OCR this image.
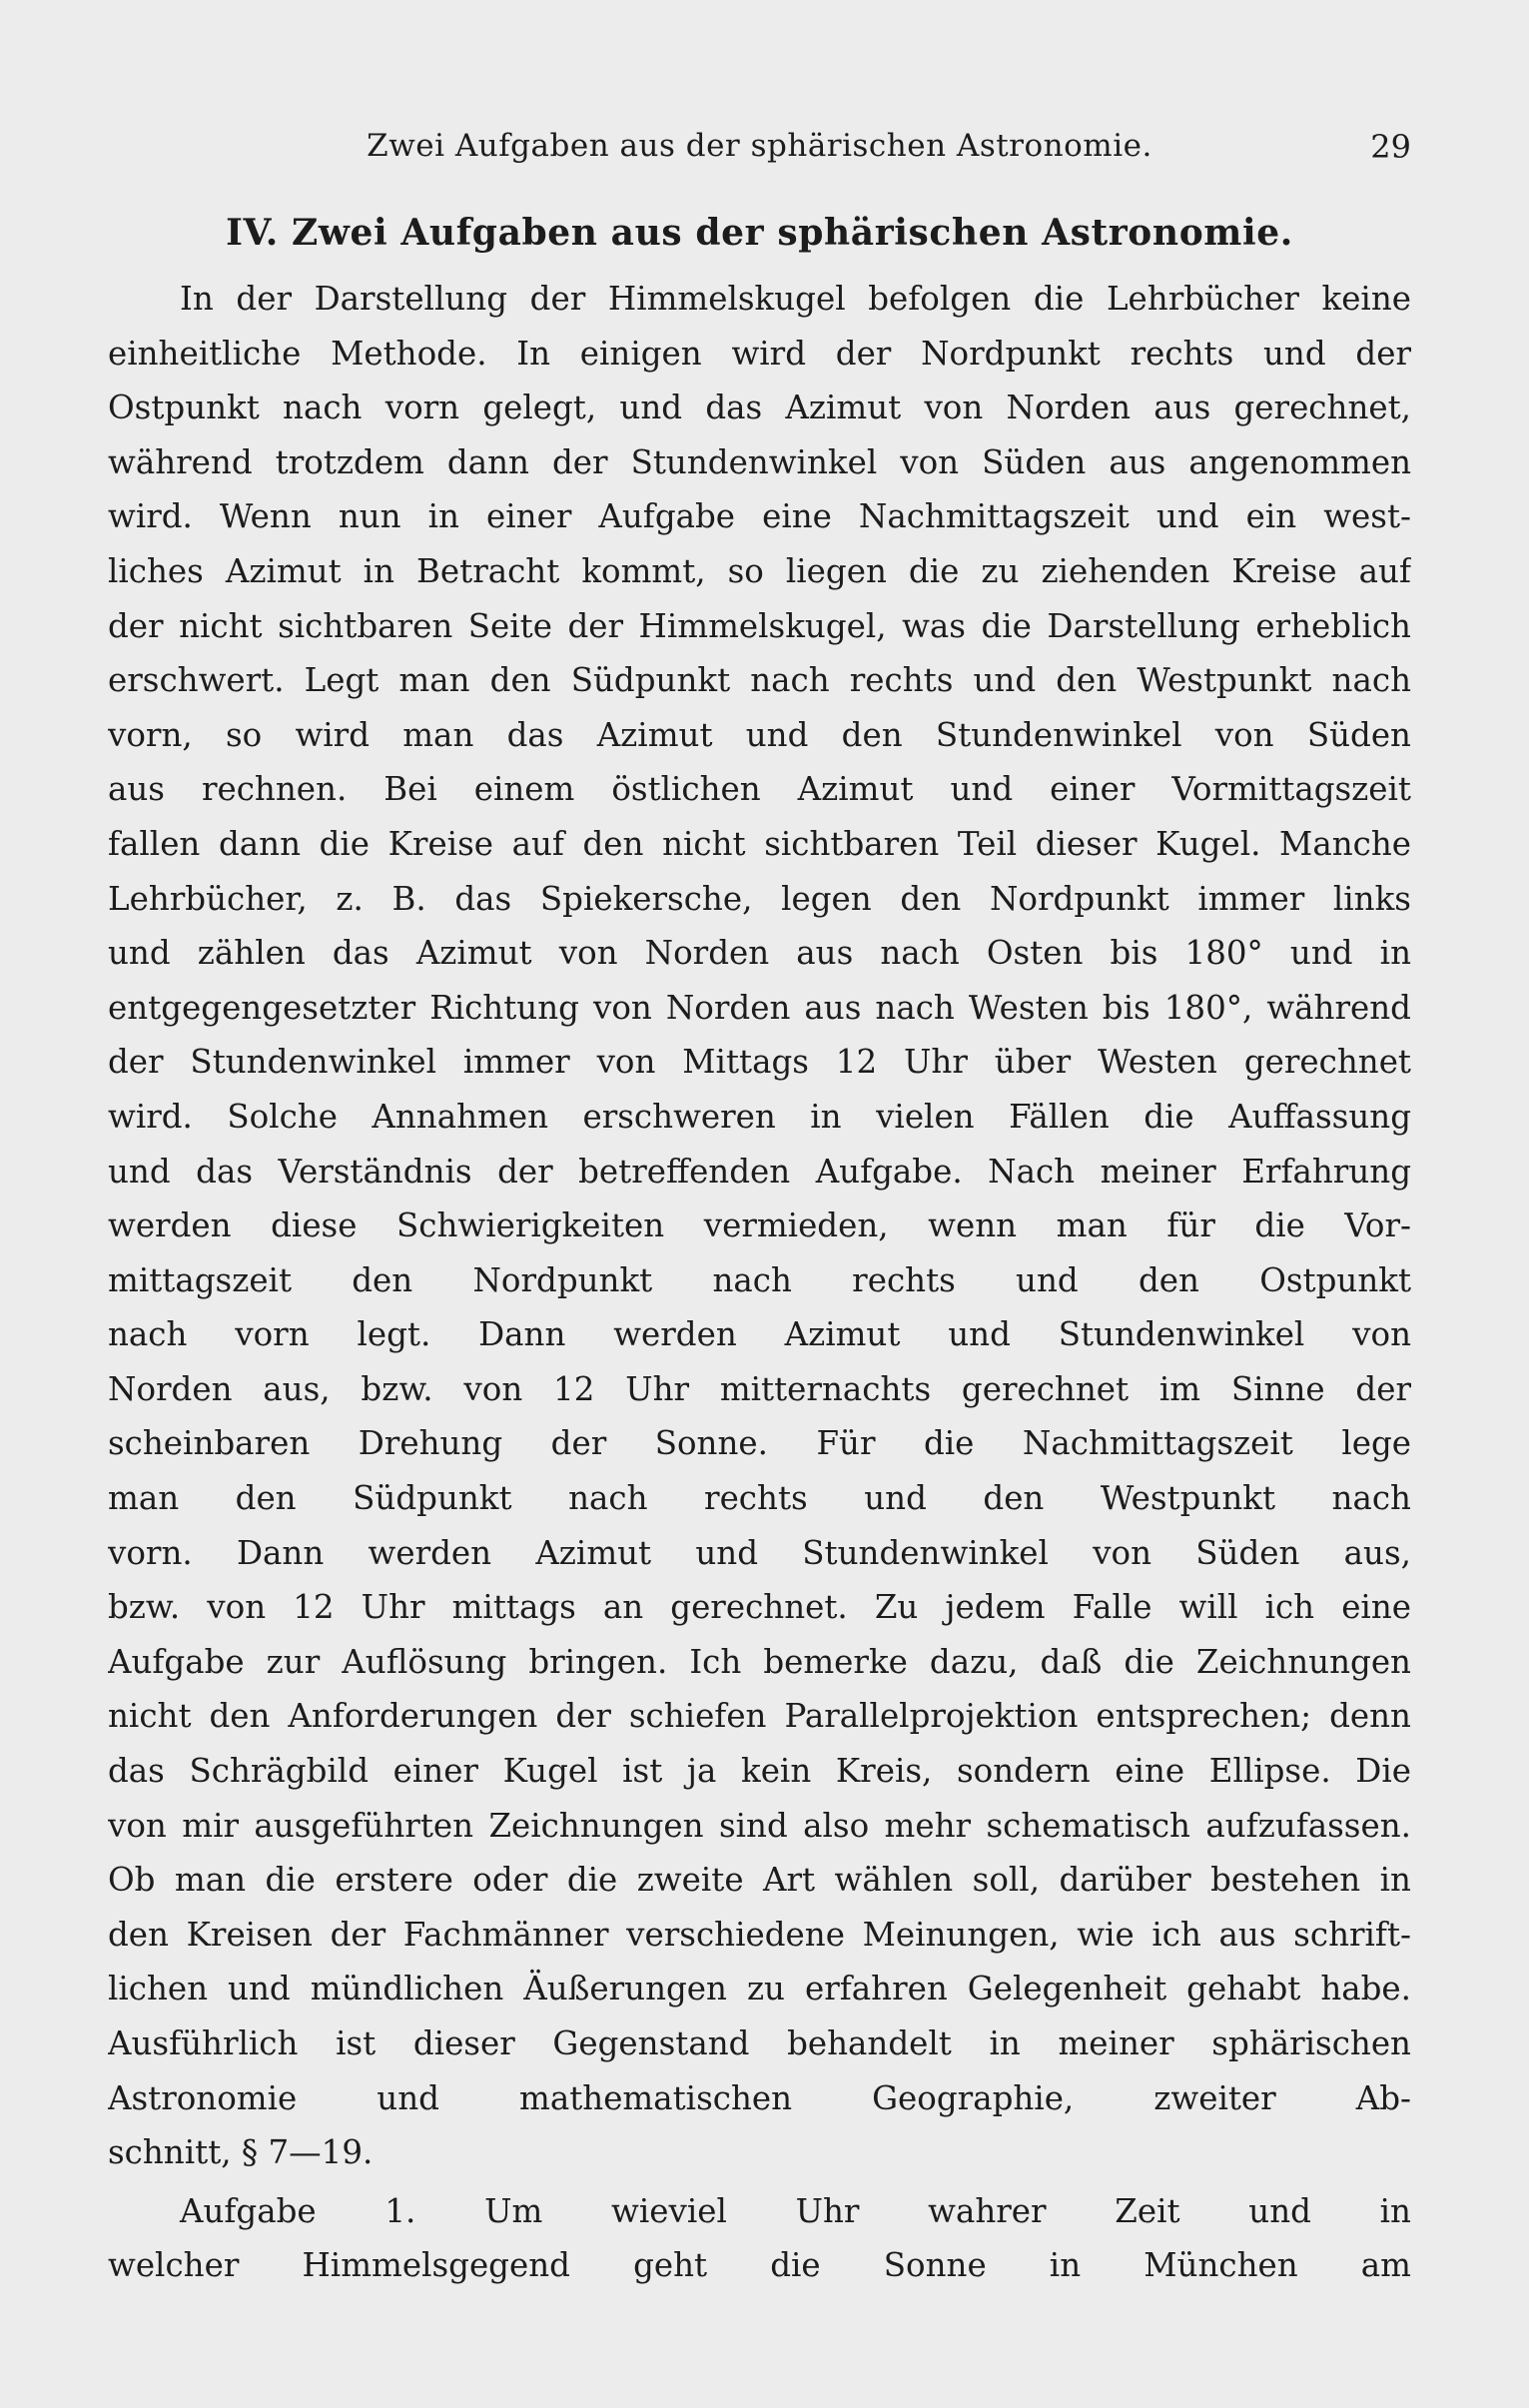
Zwei Aufgaben aus der sphärischen Astronomie.	29
IV. Zwei Aufgaben aus der sphärischen Astronomie.
In der Darstellung der Himmelskugel befolgen die Lehrbücher keine
einheitliche Methode. In einigen wird der Nordpunkt rechts und der
Ostpunkt nach vorn gelegt, und das Azimut von Norden aus gerechnet,
während trotzdem dann der Stundenwinkel von Süden aus angenommen
wird. Wenn nun in einer Aufgabe eine Nachmittagszeit und ein west-
liches Azimut in Betracht kommt, so liegen die zu ziehenden Kreise auf
der nicht sichtbaren Seite der Himmelskugel, was die Darstellung erheblich
erschwert. Legt man den Südpunkt nach rechts und den Westpunkt nach
vorn, so wird man das Azimut und den Stundenwinkel von Süden
aus rechnen. Bei einem östlichen Azimut und einer Vormittagszeit
fallen dann die Kreise auf den nicht sichtbaren Teil dieser Kugel. Manche
Lehrbücher, z. B. das Spiekersche, legen den Nordpunkt immer links
und zählen das Azimut von Norden aus nach Osten bis 180° und in
entgegengesetzter Richtung von Norden aus nach Westen bis 180°, während
der Stundenwinkel immer von Mittags 12 Uhr über Westen gerechnet
wird. Solche Annahmen erschweren in vielen Fällen die Auffassung
und das Verständnis der betreffenden Aufgabe. Nach meiner Erfahrung
werden diese Schwierigkeiten vermieden, wenn man für die Vor-
mittagszeit den Nordpunkt nach rechts und den Ostpunkt
nach vorn legt. Dann werden Azimut und Stundenwinkel von
Norden aus, bzw. von 12 Uhr mitternachts gerechnet im Sinne der
scheinbaren Drehung der Sonne. Für die Nachmittagszeit lege
man den Südpunkt nach rechts und den Westpunkt nach
vorn. Dann werden Azimut und Stundenwinkel von Süden aus,
bzw. von 12 Uhr mittags an gerechnet. Zu jedem Falle will ich eine
Aufgabe zur Auflösung bringen. Ich bemerke dazu, daß die Zeichnungen
nicht den Anforderungen der schiefen Parallelprojektion entsprechen; denn
das Schrägbild einer Kugel ist ja kein Kreis, sondern eine Ellipse. Die
von mir ausgeführten Zeichnungen sind also mehr schematisch aufzufassen.
Ob man die erstere oder die zweite Art wählen soll, darüber bestehen in
den Kreisen der Fachmänner verschiedene Meinungen, wie ich aus schrift-
lichen und mündlichen Äußerungen zu erfahren Gelegenheit gehabt habe.
Ausführlich ist dieser Gegenstand behandelt in meiner sphärischen
Astronomie und mathematischen Geographie, zweiter Ab-
schnitt, § 7—19.
Aufgabe 1. Um wieviel Uhr wahrer Zeit und in
welcher Himmelsgegend geht die Sonne in München am
